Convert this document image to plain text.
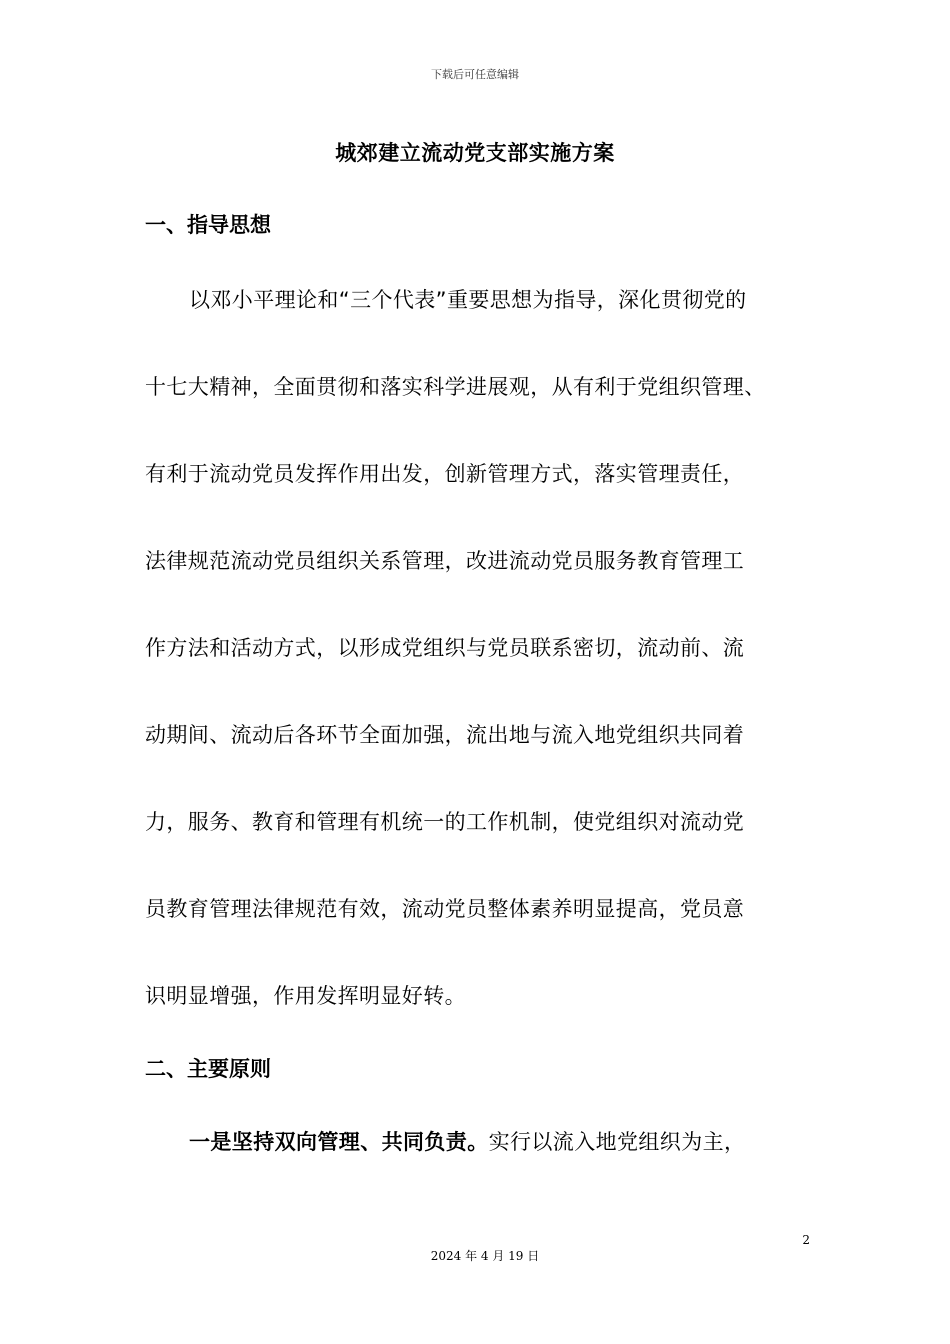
下载后可任意编辑
城郊建立流动党支部实施方案
一、指导思想
以邓小平理论和“三个代表”重要思想为指导，深化贯彻党的
十七大精神，全面贯彻和落实科学进展观，从有利于党组织管理、
有利于流动党员发挥作用出发，创新管理方式，落实管理责任，
法律规范流动党员组织关系管理，改进流动党员服务教育管理工
作方法和活动方式，以形成党组织与党员联系密切，流动前、流
动期间、流动后各环节全面加强，流出地与流入地党组织共同着
力，服务、教育和管理有机统一的工作机制，使党组织对流动党
员教育管理法律规范有效，流动党员整体素养明显提高，党员意
识明显增强，作用发挥明显好转。
二、主要原则
一是坚持双向管理、共同负责。实行以流入地党组织为主，
2
2024 年 4 月 19 日
